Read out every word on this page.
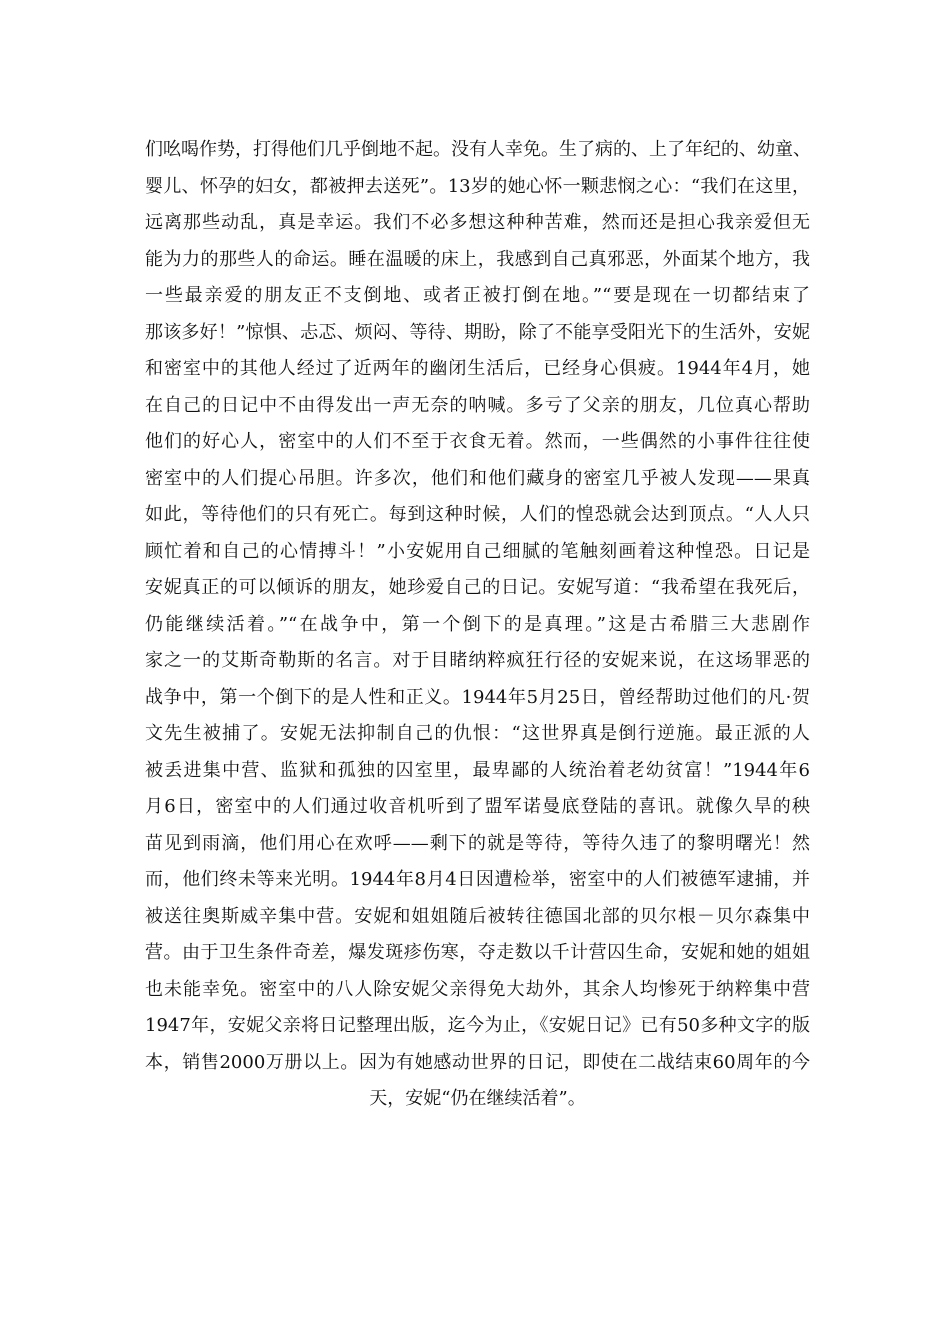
们吆喝作势，打得他们几乎倒地不起。没有人幸免。生了病的、上了年纪的、幼童、
婴儿、怀孕的妇女，都被押去送死”。13岁的她心怀一颗悲悯之心：“我们在这里，
远离那些动乱，真是幸运。我们不必多想这种种苦难，然而还是担心我亲爱但无
能为力的那些人的命运。睡在温暖的床上，我感到自己真邪恶，外面某个地方，我
一些最亲爱的朋友正不支倒地、或者正被打倒在地。”“要是现在一切都结束了
那该多好！”惊惧、忐忑、烦闷、等待、期盼，除了不能享受阳光下的生活外，安妮
和密室中的其他人经过了近两年的幽闭生活后，已经身心俱疲。1944年4月，她
在自己的日记中不由得发出一声无奈的呐喊。多亏了父亲的朋友，几位真心帮助
他们的好心人，密室中的人们不至于衣食无着。然而，一些偶然的小事件往往使
密室中的人们提心吊胆。许多次，他们和他们藏身的密室几乎被人发现——果真
如此，等待他们的只有死亡。每到这种时候，人们的惶恐就会达到顶点。“人人只
顾忙着和自己的心情搏斗！”小安妮用自己细腻的笔触刻画着这种惶恐。日记是
安妮真正的可以倾诉的朋友，她珍爱自己的日记。安妮写道：“我希望在我死后，
仍能继续活着。”“在战争中，第一个倒下的是真理。”这是古希腊三大悲剧作
家之一的艾斯奇勒斯的名言。对于目睹纳粹疯狂行径的安妮来说，在这场罪恶的
战争中，第一个倒下的是人性和正义。1944年5月25日，曾经帮助过他们的凡·贺
文先生被捕了。安妮无法抑制自己的仇恨：“这世界真是倒行逆施。最正派的人
被丢进集中营、监狱和孤独的囚室里，最卑鄙的人统治着老幼贫富！”1944年6
月6日，密室中的人们通过收音机听到了盟军诺曼底登陆的喜讯。就像久旱的秧
苗见到雨滴，他们用心在欢呼——剩下的就是等待，等待久违了的黎明曙光！然
而，他们终未等来光明。1944年8月4日因遭检举，密室中的人们被德军逮捕，并
被送往奥斯威辛集中营。安妮和姐姐随后被转往德国北部的贝尔根－贝尔森集中
营。由于卫生条件奇差，爆发斑疹伤寒，夺走数以千计营囚生命，安妮和她的姐姐
也未能幸免。密室中的八人除安妮父亲得免大劫外，其余人均惨死于纳粹集中营
1947年，安妮父亲将日记整理出版，迄今为止，《安妮日记》已有50多种文字的版
本，销售2000万册以上。因为有她感动世界的日记，即使在二战结束60周年的今
天，安妮“仍在继续活着”。
